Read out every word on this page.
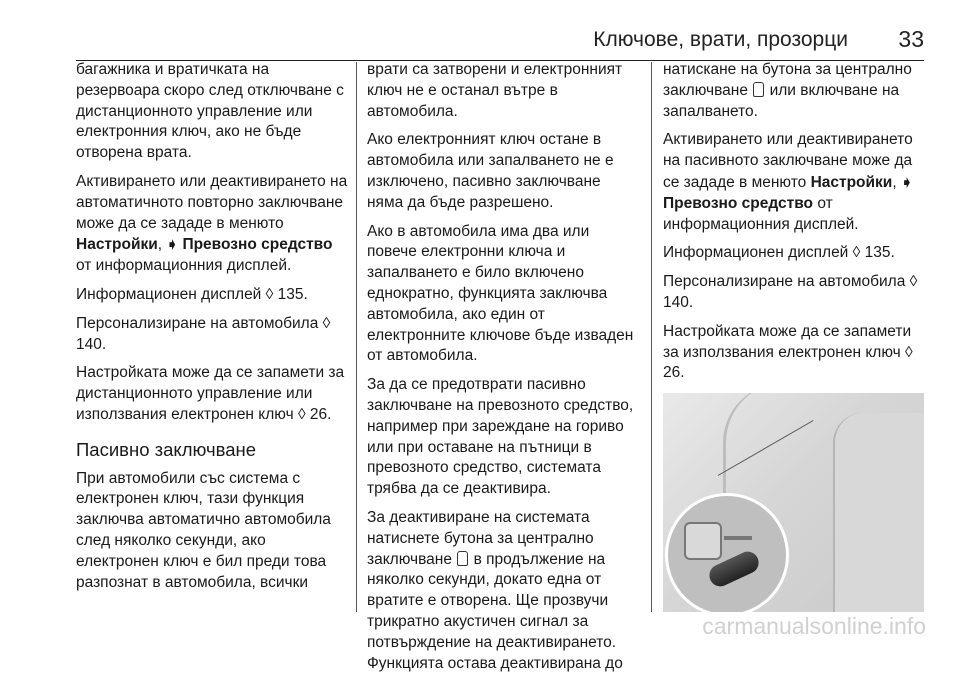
Ключове, врати, прозорци 33

багажника и вратичката на резервоара скоро след отключване с дистанционното управление или електронния ключ, ако не бъде отворена врата.

Активирането или деактивирането на автоматичното повторно заключване може да се зададе в менюто Настройки, ➧ Превозно средство от информационния дисплей.

Информационен дисплей ◊ 135.

Персонализиране на автомобила ◊ 140.

Настройката може да се запамети за дистанционното управление или използвания електронен ключ ◊ 26.

Пасивно заключване

При автомобили със система с електронен ключ, тази функция заключва автоматично автомобила след няколко секунди, ако електронен ключ е бил преди това разпознат в автомобила, всички

врати са затворени и електронният ключ не е останал вътре в автомобила.

Ако електронният ключ остане в автомобила или запалването не е изключено, пасивно заключване няма да бъде разрешено.

Ако в автомобила има два или повече електронни ключа и запалването е било включено еднократно, функцията заключва автомобила, ако един от електронните ключове бъде изваден от автомобила.

За да се предотврати пасивно заключване на превозното средство, например при зареждане на гориво или при оставане на пътници в превозното средство, системата трябва да се деактивира.

За деактивиране на системата натиснете бутона за централно заключване  в продължение на няколко секунди, докато една от вратите е отворена. Ще прозвучи трикратно акустичен сигнал за потвърждение на деактивирането. Функцията остава деактивирана до

натискане на бутона за централно заключване  или включване на запалването.

Активирането или деактивирането на пасивното заключване може да се зададе в менюто Настройки, ➧ Превозно средство от информационния дисплей.

Информационен дисплей ◊ 135.

Персонализиране на автомобила ◊ 140.

Настройката може да се запамети за използвания електронен ключ ◊ 26.

carmanualsonline.info
